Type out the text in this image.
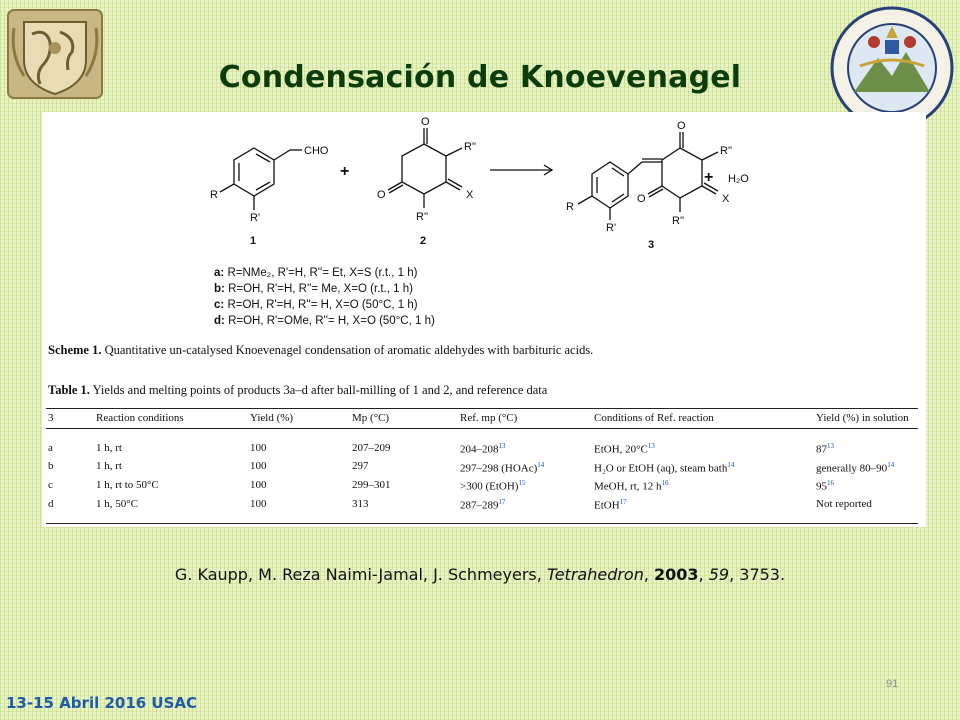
Condensación de Knoevenagel
CHO
R
R'
+
O
R''
O	X
R''
R
R'
O
R''
O	X
R''
+ H₂O
1	2	3
a: R=NMe₂, R'=H, R''= Et, X=S (r.t., 1 h)
b: R=OH, R'=H, R''= Me, X=O (r.t., 1 h)
c: R=OH, R'=H, R''= H, X=O (50°C, 1 h)
d: R=OH, R'=OMe, R''= H, X=O (50°C, 1 h)
Scheme 1. Quantitative un-catalysed Knoevenagel condensation of aromatic aldehydes with barbituric acids.
Table 1. Yields and melting points of products 3a–d after ball-milling of 1 and 2, and reference data
3	Reaction conditions	Yield (%)	Mp (°C)	Ref. mp (°C)	Conditions of Ref. reaction	Yield (%) in solution
a	1 h, rt	100	207–209	$204-208^{13}$	EtOH, $20^\circ C^{13}$	$87^{13}$
b	1 h, rt	100	297	297–298 (HOAc)$^{14}$	H₂O or EtOH (aq), steam bath$^{14}$	generally $80-90^{14}$
c	1 h, rt to 50°C	100	299–301	>300 (EtOH)$^{15}$	MeOH, rt, 12 $h^{16}$	$95^{16}$
d	1 h, 50°C	100	313	$287-289^{17}$	EtOH$^{17}$	Not reported
G. Kaupp, M. Reza Naimi-Jamal, J. Schmeyers, Tetrahedron, 2003, 59, 3753.
91
13-15 Abril 2016 USAC
